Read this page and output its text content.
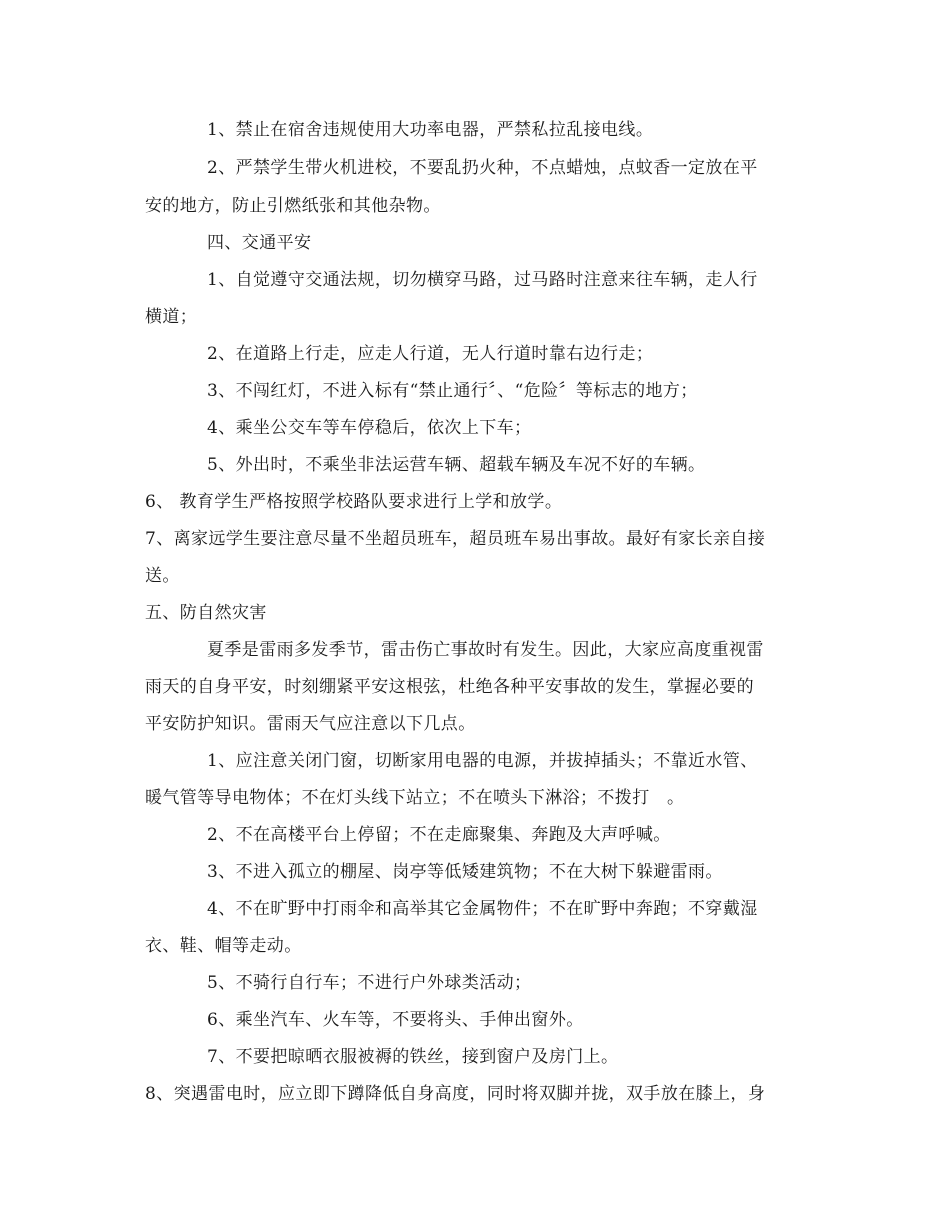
1、禁止在宿舍违规使用大功率电器，严禁私拉乱接电线。
2、严禁学生带火机进校，不要乱扔火种，不点蜡烛，点蚊香一定放在平
安的地方，防止引燃纸张和其他杂物。
四、交通平安
1、自觉遵守交通法规，切勿横穿马路，过马路时注意来往车辆，走人行
横道；
2、在道路上行走，应走人行道，无人行道时靠右边行走；
3、不闯红灯，不进入标有“禁止通行〞、“危险〞等标志的地方；
4、乘坐公交车等车停稳后，依次上下车；
5、外出时，不乘坐非法运营车辆、超载车辆及车况不好的车辆。
6、 教育学生严格按照学校路队要求进行上学和放学。
7、离家远学生要注意尽量不坐超员班车，超员班车易出事故。最好有家长亲自接
送。
五、防自然灾害
夏季是雷雨多发季节，雷击伤亡事故时有发生。因此，大家应高度重视雷
雨天的自身平安，时刻绷紧平安这根弦，杜绝各种平安事故的发生，掌握必要的
平安防护知识。雷雨天气应注意以下几点。
1、应注意关闭门窗，切断家用电器的电源，并拔掉插头；不靠近水管、
暖气管等导电物体；不在灯头线下站立；不在喷头下淋浴；不拨打　。
2、不在高楼平台上停留；不在走廊聚集、奔跑及大声呼喊。
3、不进入孤立的棚屋、岗亭等低矮建筑物；不在大树下躲避雷雨。
4、不在旷野中打雨伞和高举其它金属物件；不在旷野中奔跑；不穿戴湿
衣、鞋、帽等走动。
5、不骑行自行车；不进行户外球类活动；
6、乘坐汽车、火车等，不要将头、手伸出窗外。
7、不要把晾晒衣服被褥的铁丝，接到窗户及房门上。
8、突遇雷电时，应立即下蹲降低自身高度，同时将双脚并拢，双手放在膝上，身
